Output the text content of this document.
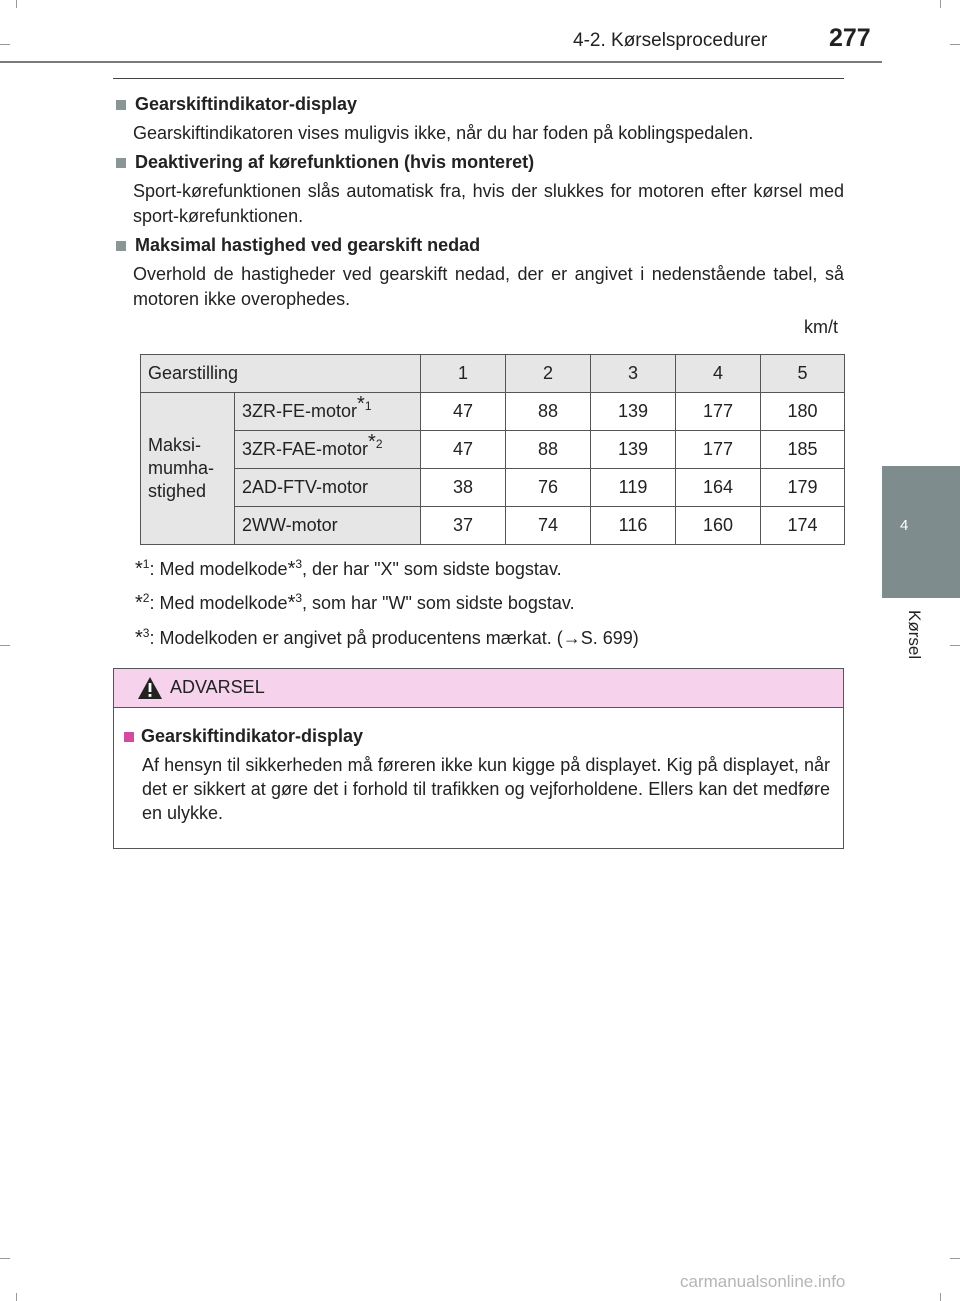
4-2. Kørselsprocedurer 277
4
Kørsel
Gearskiftindikator-display
Gearskiftindikatoren vises muligvis ikke, når du har foden på koblingspedalen.
Deaktivering af kørefunktionen (hvis monteret)
Sport-kørefunktionen slås automatisk fra, hvis der slukkes for motoren efter kørsel med sport-kørefunktionen.
Maksimal hastighed ved gearskift nedad
Overhold de hastigheder ved gearskift nedad, der er angivet i nedenstående tabel, så motoren ikke overophedes.
km/t
Gearstilling		1	2	3	4	5
Maksi-
mumha-
stighed	3ZR-FE-motor$^{*1}$	47	88	139	177	180
	3ZR-FAE-motor$^{*2}$	47	88	139	177	185
	2AD-FTV-motor	38	76	119	164	179
	2WW-motor	37	74	116	160	174
*$^1$: Med modelkode*$^3$, der har "X" som sidste bogstav.
*$^2$: Med modelkode*$^3$, som har "W" som sidste bogstav.
*$^3$: Modelkoden er angivet på producentens mærkat. (→S. 699)
ADVARSEL
Gearskiftindikator-display
Af hensyn til sikkerheden må føreren ikke kun kigge på displayet. Kig på displayet, når det er sikkert at gøre det i forhold til trafikken og vejforholdene. Ellers kan det medføre en ulykke.
carmanualsonline.info
